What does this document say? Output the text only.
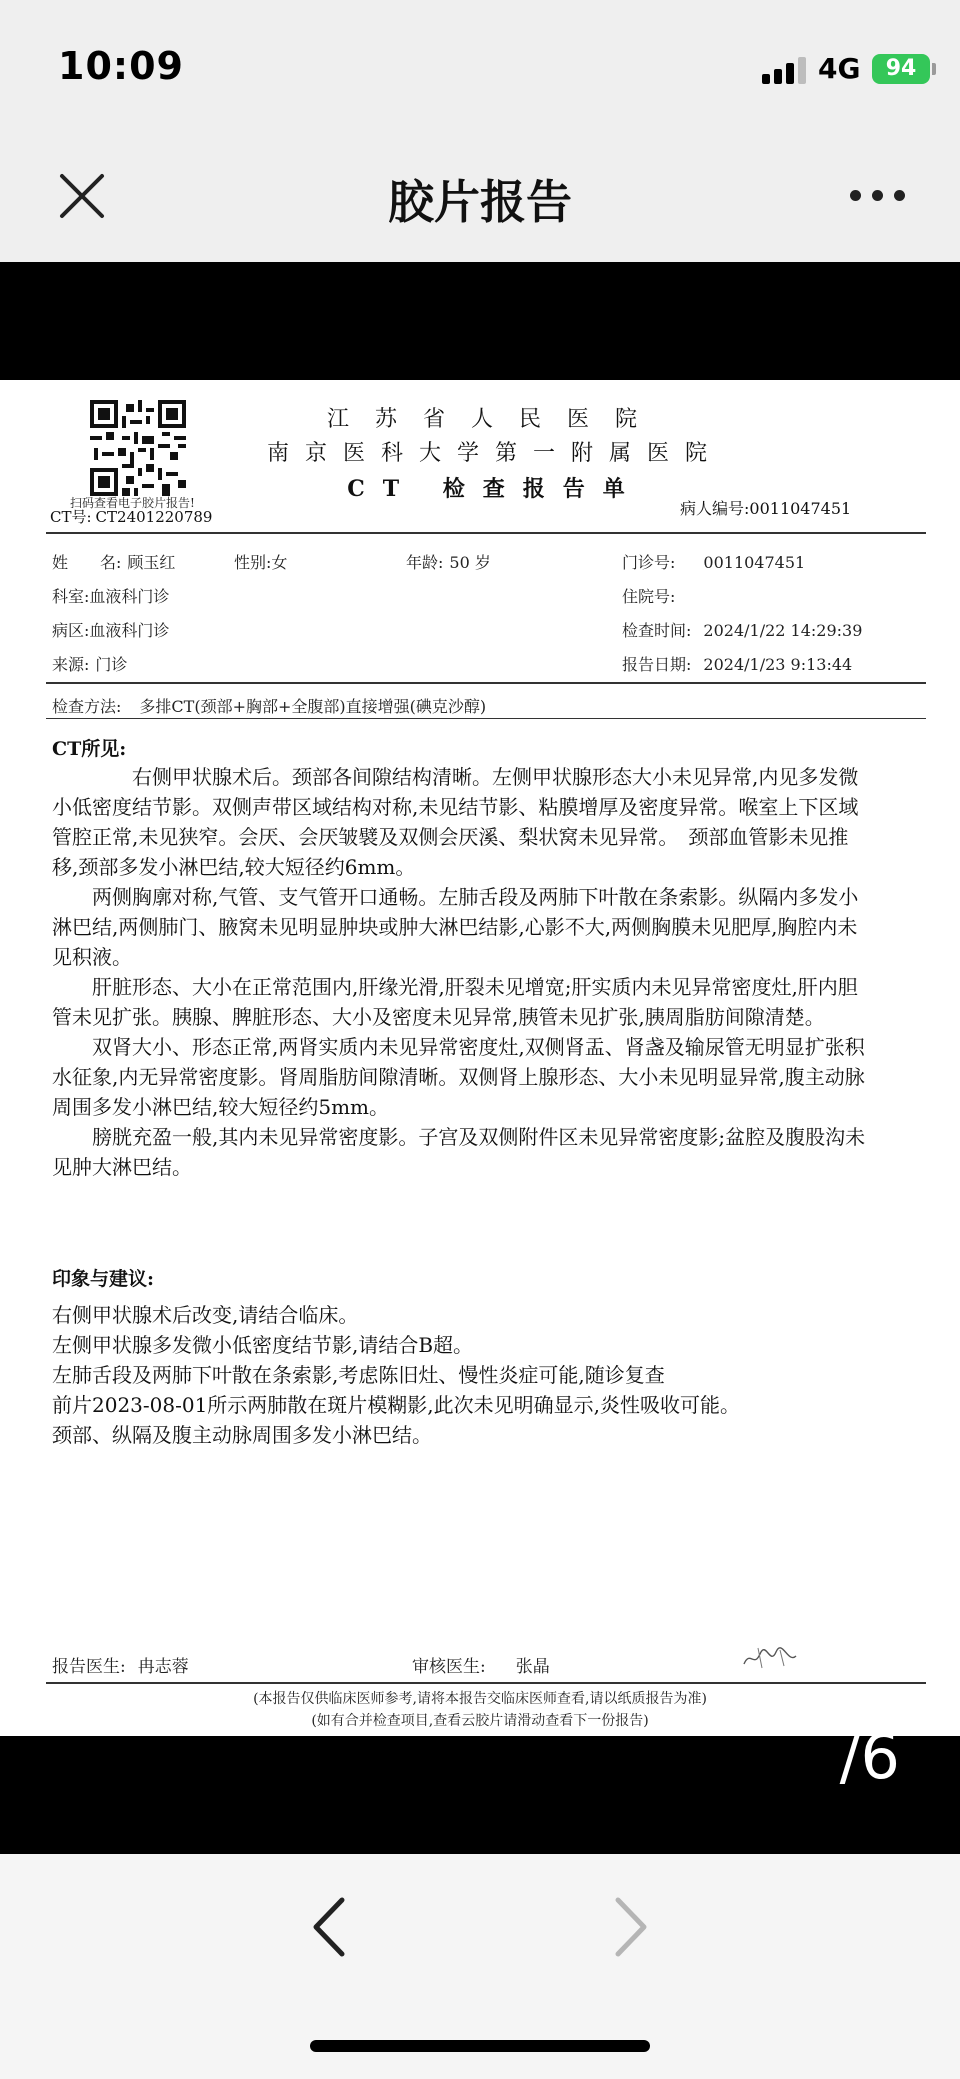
10:09	4G	94
胶片报告
扫码查看电子胶片报告!
江苏省人民医院
南京医科大学第一附属医院
CT 检查报告单
CT号: CT2401220789	病人编号:0011047451
姓　　名: 顾玉红	性别:女	年龄: 50 岁	门诊号: 0011047451
科室:血液科门诊	住院号:
病区:血液科门诊	检查时间: 2024/1/22 14:29:39
来源: 门诊	报告日期: 2024/1/23 9:13:44
检查方法: 多排CT(颈部+胸部+全腹部)直接增强(碘克沙醇)
CT所见:

右侧甲状腺术后。颈部各间隙结构清晰。左侧甲状腺形态大小未见异常,内见多发微小低密度结节影。双侧声带区域结构对称,未见结节影、粘膜增厚及密度异常。喉室上下区域管腔正常,未见狭窄。会厌、会厌皱襞及双侧会厌溪、梨状窝未见异常。　颈部血管影未见推移,颈部多发小淋巴结,较大短径约6mm。

两侧胸廓对称,气管、支气管开口通畅。左肺舌段及两肺下叶散在条索影。纵隔内多发小淋巴结,两侧肺门、腋窝未见明显肿块或肿大淋巴结影,心影不大,两侧胸膜未见肥厚,胸腔内未见积液。

肝脏形态、大小在正常范围内,肝缘光滑,肝裂未见增宽;肝实质内未见异常密度灶,肝内胆管未见扩张。胰腺、脾脏形态、大小及密度未见异常,胰管未见扩张,胰周脂肪间隙清楚。

双肾大小、形态正常,两肾实质内未见异常密度灶,双侧肾盂、肾盏及输尿管无明显扩张积水征象,内无异常密度影。肾周脂肪间隙清晰。双侧肾上腺形态、大小未见明显异常,腹主动脉周围多发小淋巴结,较大短径约5mm。

膀胱充盈一般,其内未见异常密度影。子宫及双侧附件区未见异常密度影;盆腔及腹股沟未见肿大淋巴结。

印象与建议:
右侧甲状腺术后改变,请结合临床。
左侧甲状腺多发微小低密度结节影,请结合B超。
左肺舌段及两肺下叶散在条索影,考虑陈旧灶、慢性炎症可能,随诊复查
前片2023-08-01所示两肺散在斑片模糊影,此次未见明确显示,炎性吸收可能。
颈部、纵隔及腹主动脉周围多发小淋巴结。
报告医生: 冉志蓉	审核医生: 张晶
(本报告仅供临床医师参考,请将本报告交临床医师查看,请以纸质报告为准)
(如有合并检查项目,查看云胶片请滑动查看下一份报告)	/6
